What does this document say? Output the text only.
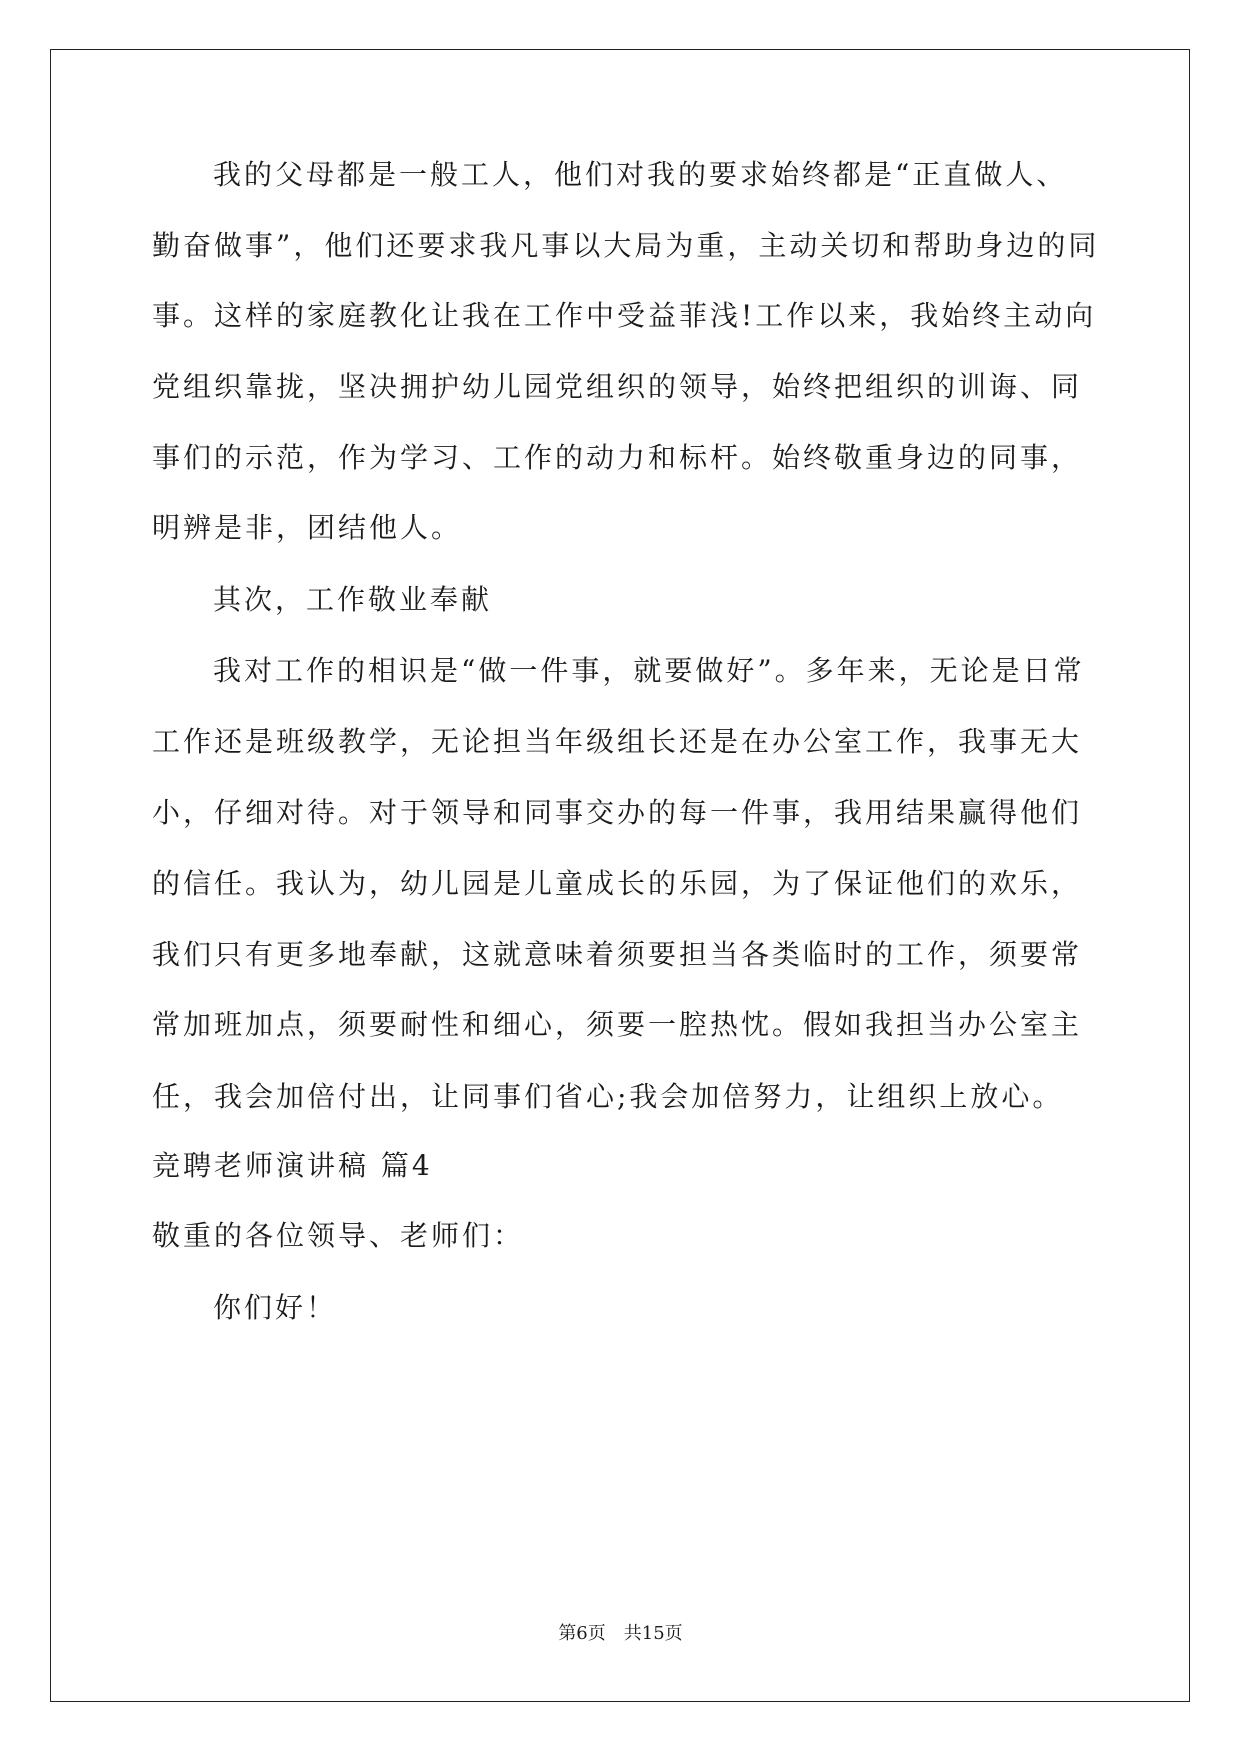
我的父母都是一般工人，他们对我的要求始终都是“正直做人、
勤奋做事”，他们还要求我凡事以大局为重，主动关切和帮助身边的同
事。这样的家庭教化让我在工作中受益菲浅!工作以来，我始终主动向
党组织靠拢，坚决拥护幼儿园党组织的领导，始终把组织的训诲、同
事们的示范，作为学习、工作的动力和标杆。始终敬重身边的同事，
明辨是非，团结他人。
其次，工作敬业奉献
我对工作的相识是“做一件事，就要做好”。多年来，无论是日常
工作还是班级教学，无论担当年级组长还是在办公室工作，我事无大
小，仔细对待。对于领导和同事交办的每一件事，我用结果赢得他们
的信任。我认为，幼儿园是儿童成长的乐园，为了保证他们的欢乐，
我们只有更多地奉献，这就意味着须要担当各类临时的工作，须要常
常加班加点，须要耐性和细心，须要一腔热忱。假如我担当办公室主
任，我会加倍付出，让同事们省心;我会加倍努力，让组织上放心。
竞聘老师演讲稿 篇4
敬重的各位领导、老师们：
你们好！
第6页　共15页
